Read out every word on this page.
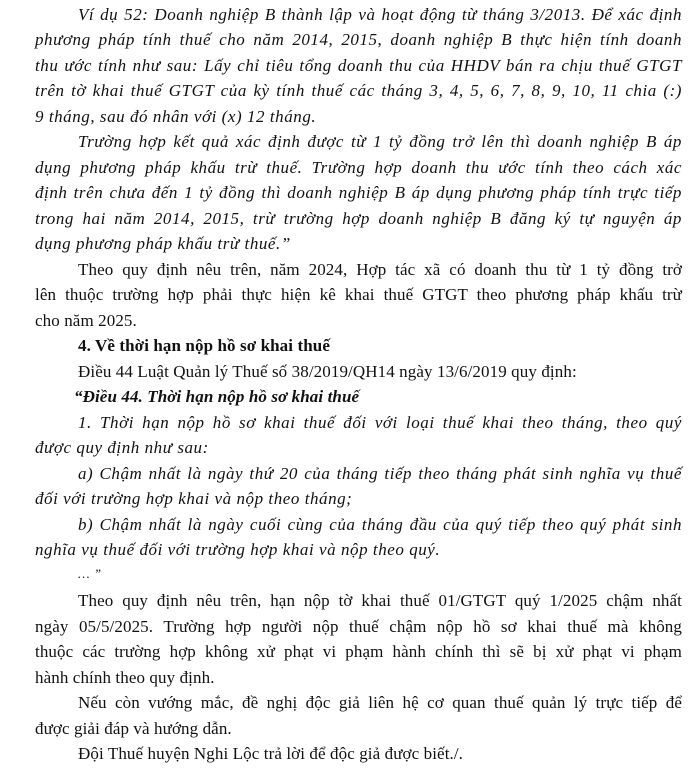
Ví dụ 52: Doanh nghiệp B thành lập và hoạt động từ tháng 3/2013. Để xác định
phương pháp tính thuế cho năm 2014, 2015, doanh nghiệp B thực hiện tính doanh
thu ước tính như sau: Lấy chỉ tiêu tổng doanh thu của HHDV bán ra chịu thuế GTGT
trên tờ khai thuế GTGT của kỳ tính thuế các tháng 3, 4, 5, 6, 7, 8, 9, 10, 11 chia (:)
9 tháng, sau đó nhân với (x) 12 tháng.
Trường hợp kết quả xác định được từ 1 tỷ đồng trở lên thì doanh nghiệp B áp
dụng phương pháp khấu trừ thuế. Trường hợp doanh thu ước tính theo cách xác
định trên chưa đến 1 tỷ đồng thì doanh nghiệp B áp dụng phương pháp tính trực tiếp
trong hai năm 2014, 2015, trừ trường hợp doanh nghiệp B đăng ký tự nguyện áp
dụng phương pháp khấu trừ thuế.”
Theo quy định nêu trên, năm 2024, Hợp tác xã có doanh thu từ 1 tỷ đồng trở
lên thuộc trường hợp phải thực hiện kê khai thuế GTGT theo phương pháp khấu trừ
cho năm 2025.
4. Về thời hạn nộp hồ sơ khai thuế
Điều 44 Luật Quản lý Thuế số 38/2019/QH14 ngày 13/6/2019 quy định:
“Điều 44. Thời hạn nộp hồ sơ khai thuế
1. Thời hạn nộp hồ sơ khai thuế đối với loại thuế khai theo tháng, theo quý
được quy định như sau:
a) Chậm nhất là ngày thứ 20 của tháng tiếp theo tháng phát sinh nghĩa vụ thuế
đối với trường hợp khai và nộp theo tháng;
b) Chậm nhất là ngày cuối cùng của tháng đầu của quý tiếp theo quý phát sinh
nghĩa vụ thuế đối với trường hợp khai và nộp theo quý.
… ”
Theo quy định nêu trên, hạn nộp tờ khai thuế 01/GTGT quý 1/2025 chậm nhất
ngày 05/5/2025. Trường hợp người nộp thuế chậm nộp hồ sơ khai thuế mà không
thuộc các trường hợp không xử phạt vi phạm hành chính thì sẽ bị xử phạt vi phạm
hành chính theo quy định.
Nếu còn vướng mắc, đề nghị độc giả liên hệ cơ quan thuế quản lý trực tiếp để
được giải đáp và hướng dẫn.
Đội Thuế huyện Nghi Lộc trả lời để độc giả được biết./.
